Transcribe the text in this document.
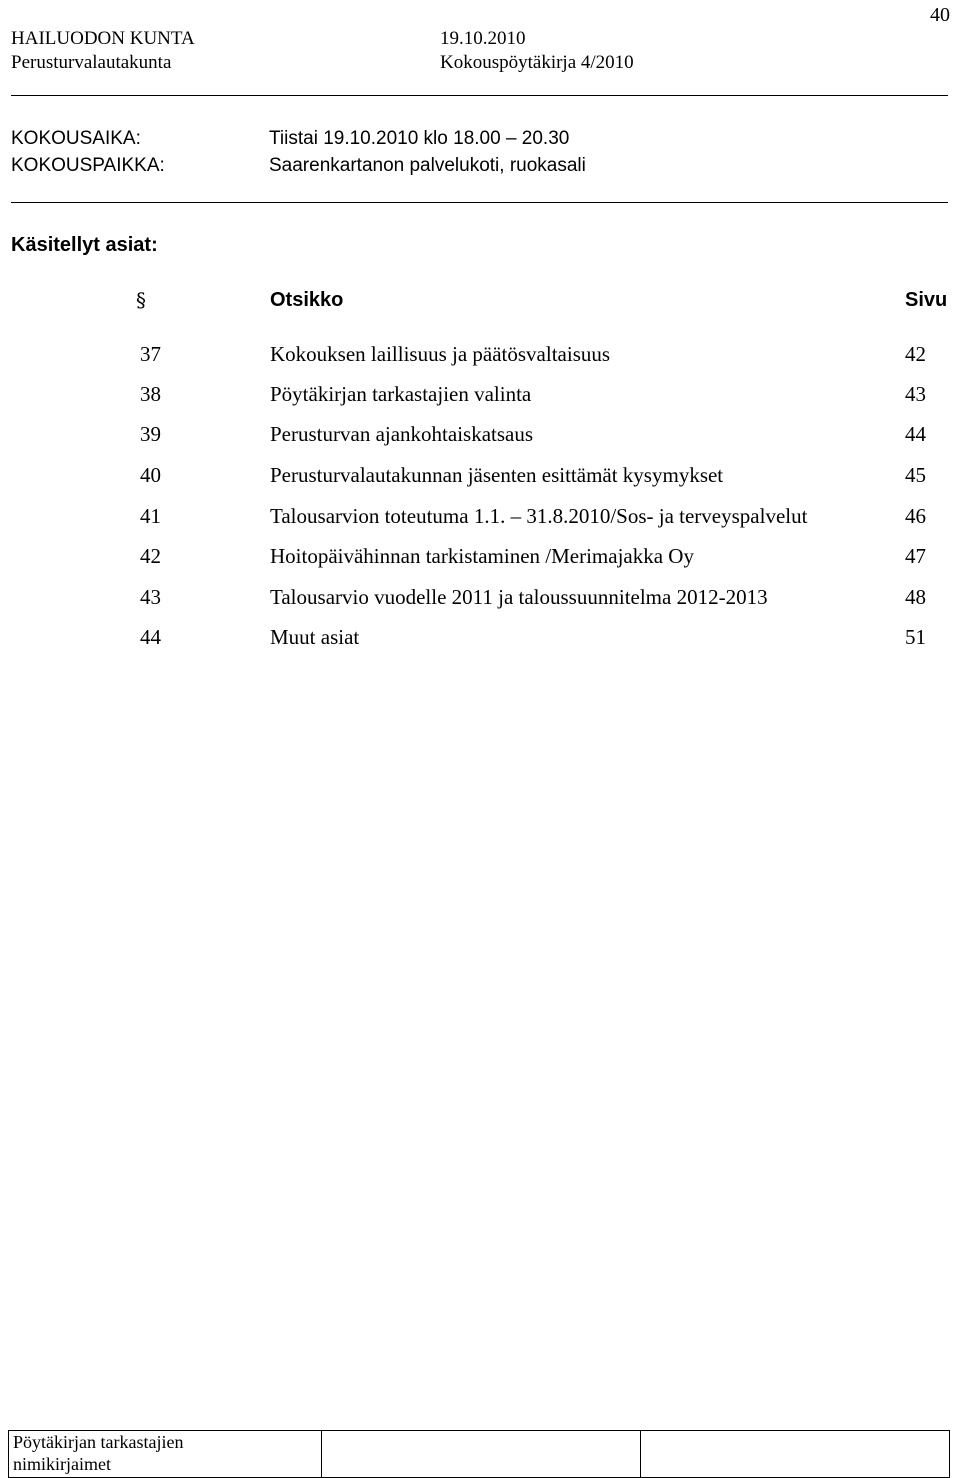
40
HAILUODON KUNTA	19.10.2010
Perusturvalautakunta	Kokouspöytäkirja 4/2010
KOKOUSAIKA:	Tiistai 19.10.2010 klo 18.00 – 20.30
KOKOUSPAIKKA:	Saarenkartanon palvelukoti, ruokasali
Käsitellyt asiat:
§	Otsikko	Sivu
37	Kokouksen laillisuus ja päätösvaltaisuus	42
38	Pöytäkirjan tarkastajien valinta	43
39	Perusturvan ajankohtaiskatsaus	44
40	Perusturvalautakunnan jäsenten esittämät kysymykset	45
41	Talousarvion toteutuma 1.1. – 31.8.2010/Sos- ja terveyspalvelut	46
42	Hoitopäivähinnan tarkistaminen /Merimajakka Oy	47
43	Talousarvio vuodelle 2011 ja taloussuunnitelma 2012-2013	48
44	Muut asiat	51
Pöytäkirjan tarkastajien
nimikirjaimet
